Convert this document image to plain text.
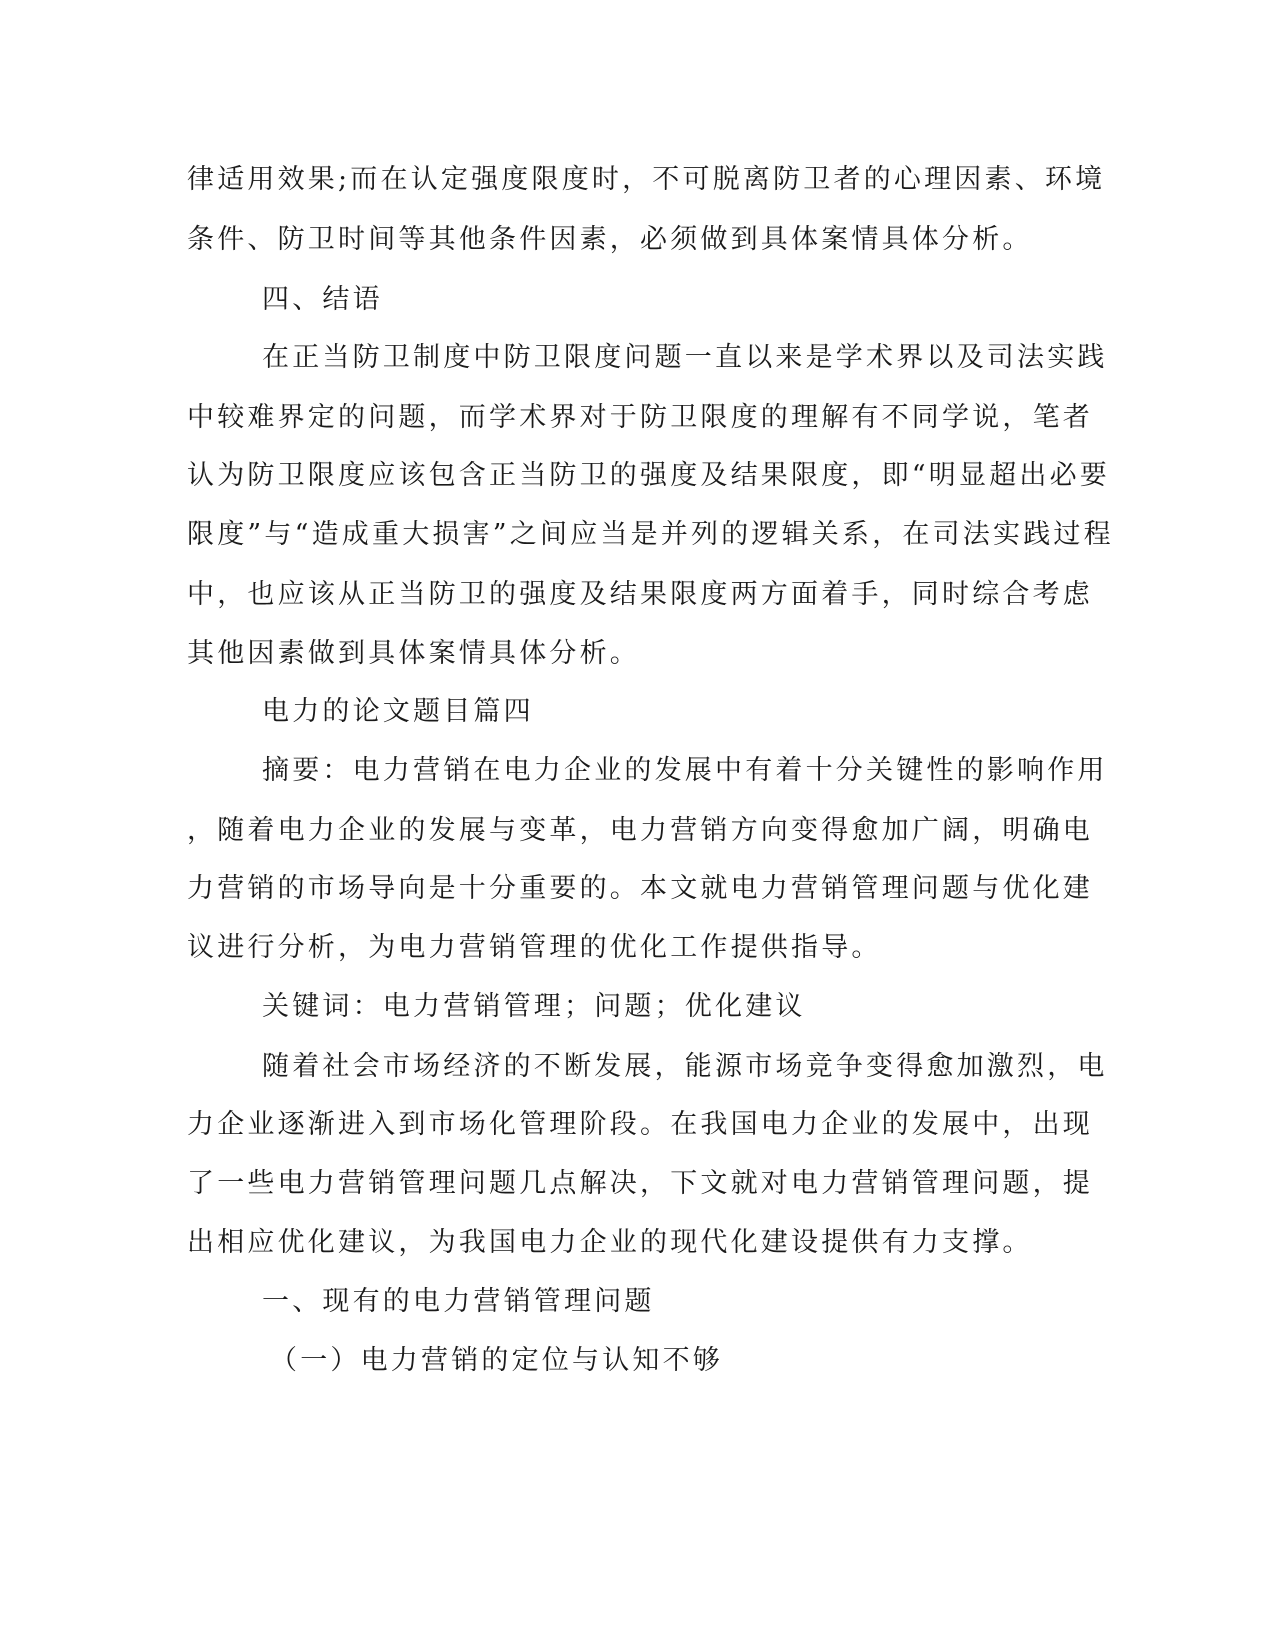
律适用效果;而在认定强度限度时，不可脱离防卫者的心理因素、环境
条件、防卫时间等其他条件因素，必须做到具体案情具体分析。
四、结语
在正当防卫制度中防卫限度问题一直以来是学术界以及司法实践
中较难界定的问题，而学术界对于防卫限度的理解有不同学说，笔者
认为防卫限度应该包含正当防卫的强度及结果限度，即“明显超出必要
限度”与“造成重大损害”之间应当是并列的逻辑关系，在司法实践过程
中，也应该从正当防卫的强度及结果限度两方面着手，同时综合考虑
其他因素做到具体案情具体分析。
电力的论文题目篇四
摘要：电力营销在电力企业的发展中有着十分关键性的影响作用
，随着电力企业的发展与变革，电力营销方向变得愈加广阔，明确电
力营销的市场导向是十分重要的。本文就电力营销管理问题与优化建
议进行分析，为电力营销管理的优化工作提供指导。
关键词：电力营销管理；问题；优化建议
随着社会市场经济的不断发展，能源市场竞争变得愈加激烈，电
力企业逐渐进入到市场化管理阶段。在我国电力企业的发展中，出现
了一些电力营销管理问题几点解决，下文就对电力营销管理问题，提
出相应优化建议，为我国电力企业的现代化建设提供有力支撑。
一、现有的电力营销管理问题
（一）电力营销的定位与认知不够
